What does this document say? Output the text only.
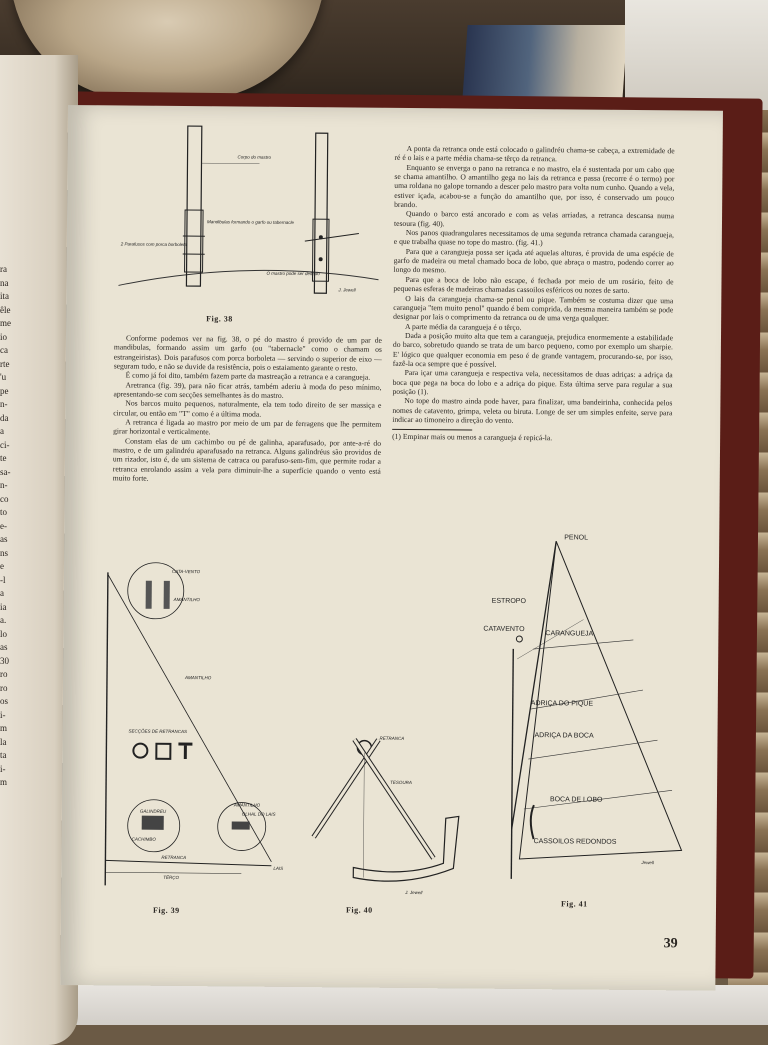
ra
na
ita
êle
me
io
ca
rte
'u
pe
n-
da
a
ci-
te
sa-
n-
co
to
e-
as
ns
e
-l
a
ia
a.
lo
as
30
ro
ro
os
i-
m
la
ta
i-
m
Corpo do mastro
Mandibulas formando o garfo ou tabernacle
2 Parafusos com porca borboleta
O mastro pode ser deitado
J. Jewell
Fig. 38

Conforme podemos ver na fig. 38, o pé do mastro é provido de um par de mandibulas, formando assim um garfo (ou "tabernacle" como o chamam os estrangeiristas). Dois parafusos com porca borboleta — servindo o superior de eixo — seguram tudo, e não se duvide da resistência, pois o estaiamento garante o resto.

É como já foi dito, também fazem parte da mastreação a retranca e a carangueja.

Aretranca (fig. 39), para não ficar atrás, também aderiu à moda do peso mínimo, apresentando-se com secções semelhantes às do mastro.

Nos barcos muito pequenos, naturalmente, ela tem todo direito de ser massiça e circular, ou então em "T" como é a última moda.

A retranca é ligada ao mastro por meio de um par de ferragens que lhe permitem girar horizontal e verticalmente.

Constam elas de um cachimbo ou pé de galinha, aparafusado, por ante-a-ré do mastro, e de um galindréu aparafusado na retranca. Alguns galindréus são providos de um rizador, isto é, de um sistema de catraca ou parafuso-sem-fim, que permite rodar a retranca enrolando assim a vela para diminuir-lhe a superfície quando o vento está muito forte.

A ponta da retranca onde está colocado o galindréu chama-se cabeça, a extremidade de ré é o lais e a parte média chama-se têrço da retranca.

Enquanto se enverga o pano na retranca e no mastro, ela é sustentada por um cabo que se chama amantilho. O amantilho gega no lais da retranca e passa (recorre é o termo) por uma roldana no galope tornando a descer pelo mastro para volta num cunho. Quando a vela, estiver içada, acabou-se a função do amantilho que, por isso, é conservado um pouco brando.

Quando o barco está ancorado e com as velas arriadas, a retranca descansa numa tesoura (fig. 40).

Nos panos quadrangulares necessitamos de uma segunda retranca chamada carangueja, e que trabalha quase no tope do mastro. (fig. 41.)

Para que a carangueja possa ser içada até aquelas alturas, é provida de uma espécie de garfo de madeira ou metal chamado boca de lobo, que abraça o mastro, podendo correr ao longo do mesmo.

Para que a boca de lobo não escape, é fechada por meio de um rosário, feito de pequenas esferas de madeiras chamadas cassoilos esféricos ou nozes de sarto.

O lais da carangueja chama-se penol ou pique. Também se costuma dizer que uma carangueja "tem muito penol" quando é bem comprida, da mesma maneira também se pode designar por lais o comprimento da retranca ou de uma verga qualquer.

A parte média da carangueja é o têrço.

Dada a posição muito alta que tem a carangueja, prejudica enormemente a estabilidade do barco, sobretudo quando se trata de um barco pequeno, como por exemplo um sharpie. E' lógico que qualquer economia em peso é de grande vantagem, procurando-se, por isso, fazê-la oca sempre que é possível.

Para içar uma carangueja e respectiva vela, necessitamos de duas adriças: a adriça da boca que pega na boca do lobo e a adriça do pique. Esta última serve para regular a sua posição (1).

No tope do mastro ainda pode haver, para finalizar, uma bandeirinha, conhecida pelos nomes de catavento, grimpa, veleta ou biruta. Longe de ser um simples enfeite, serve para indicar ao timoneiro a direção do vento.

(1) Empinar mais ou menos a carangueja é repicá-la.

CATA-VENTO
AMANTILHO
AMANTILHO
SECÇÕES DE RETRANCAS
GALINDRÉU
CACHIMBO
AMANTILHO
OLHAL DO LAIS
RETRANCA
TÊRÇO
LAIS
Fig. 39
RETRANCA
TESOURA
J. Jewell
Fig. 40
PENOL
ESTROPO
CATAVENTO
CARANGUEJA
ADRIÇA DO PIQUE
ADRIÇA DA BOCA
BOCA DE LOBO
CASSOILOS REDONDOS
Jewell
Fig. 41
39
